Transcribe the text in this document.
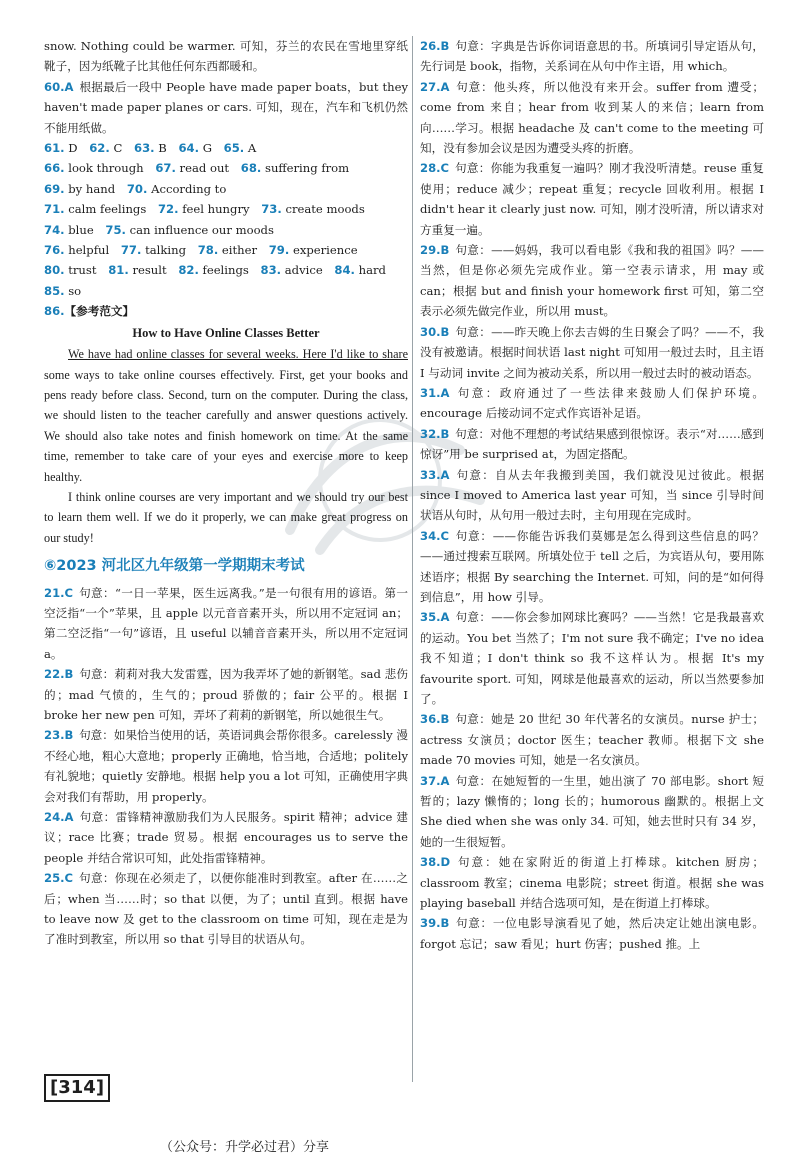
snow. Nothing could be warmer. 可知，芬兰的农民在雪地里穿纸靴子，因为纸靴子比其他任何东西都暖和。

60.A 根据最后一段中 People have made paper boats，but they haven't made paper planes or cars. 可知，现在，汽车和飞机仍然不能用纸做。

61. D 62. C 63. B 64. G 65. A

66. look through 67. read out 68. suffering from

69. by hand 70. According to

71. calm feelings 72. feel hungry 73. create moods

74. blue 75. can influence our moods

76. helpful 77. talking 78. either 79. experience

80. trust 81. result 82. feelings 83. advice 84. hard

85. so

86.【参考范文】

How to Have Online Classes Better

We have had online classes for several weeks. Here I'd like to share some ways to take online courses effectively. First, get your books and pens ready before class. Second, turn on the computer. During the class, we should listen to the teacher carefully and answer questions actively. We should also take notes and finish homework on time. At the same time, remember to take care of your eyes and exercise more to keep healthy.

I think online courses are very important and we should try our best to learn them well. If we do it properly, we can make great progress on our study!

⑥2023 河北区九年级第一学期期末考试

21.C 句意：“一日一苹果，医生远离我。”是一句很有用的谚语。第一空泛指“一个”苹果，且 apple 以元音音素开头，所以用不定冠词 an；第二空泛指“一句”谚语，且 useful 以辅音音素开头，所以用不定冠词 a。

22.B 句意：莉莉对我大发雷霆，因为我弄坏了她的新钢笔。sad 悲伤的；mad 气愤的，生气的；proud 骄傲的；fair 公平的。根据 I broke her new pen 可知，弄坏了莉莉的新钢笔，所以她很生气。

23.B 句意：如果恰当使用的话，英语词典会帮你很多。carelessly 漫不经心地，粗心大意地；properly 正确地，恰当地，合适地；politely 有礼貌地；quietly 安静地。根据 help you a lot 可知，正确使用字典会对我们有帮助，用 properly。

24.A 句意：雷锋精神激励我们为人民服务。spirit 精神；advice 建议；race 比赛；trade 贸易。根据 encourages us to serve the people 并结合常识可知，此处指雷锋精神。

25.C 句意：你现在必须走了，以便你能准时到教室。after 在……之后；when 当……时；so that 以便，为了；until 直到。根据 have to leave now 及 get to the classroom on time 可知，现在走是为了准时到教室，所以用 so that 引导目的状语从句。

26.B 句意：字典是告诉你词语意思的书。所填词引导定语从句，先行词是 book，指物，关系词在从句中作主语，用 which。

27.A 句意：他头疼，所以他没有来开会。suffer from 遭受；come from 来自；hear from 收到某人的来信；learn from 向……学习。根据 headache 及 can't come to the meeting 可知，没有参加会议是因为遭受头疼的折磨。

28.C 句意：你能为我重复一遍吗？刚才我没听清楚。reuse 重复使用；reduce 减少；repeat 重复；recycle 回收利用。根据 I didn't hear it clearly just now. 可知，刚才没听清，所以请求对方重复一遍。

29.B 句意：——妈妈，我可以看电影《我和我的祖国》吗？——当然，但是你必须先完成作业。第一空表示请求，用 may 或 can；根据 but and finish your homework first 可知，第二空表示必须先做完作业，所以用 must。

30.B 句意：——昨天晚上你去吉姆的生日聚会了吗？——不，我没有被邀请。根据时间状语 last night 可知用一般过去时，且主语 I 与动词 invite 之间为被动关系，所以用一般过去时的被动语态。

31.A 句意：政府通过了一些法律来鼓励人们保护环境。encourage 后接动词不定式作宾语补足语。

32.B 句意：对他不理想的考试结果感到很惊讶。表示“对……感到惊讶”用 be surprised at，为固定搭配。

33.A 句意：自从去年我搬到美国，我们就没见过彼此。根据 since I moved to America last year 可知，当 since 引导时间状语从句时，从句用一般过去时，主句用现在完成时。

34.C 句意：——你能告诉我们莫娜是怎么得到这些信息的吗？——通过搜索互联网。所填处位于 tell 之后，为宾语从句，要用陈述语序；根据 By searching the Internet. 可知，问的是“如何得到信息”，用 how 引导。

35.A 句意：——你会参加网球比赛吗？——当然！它是我最喜欢的运动。You bet 当然了；I'm not sure 我不确定；I've no idea 我不知道；I don't think so 我不这样认为。根据 It's my favourite sport. 可知，网球是他最喜欢的运动，所以当然要参加了。

36.B 句意：她是 20 世纪 30 年代著名的女演员。nurse 护士；actress 女演员；doctor 医生；teacher 教师。根据下文 she made 70 movies 可知，她是一名女演员。

37.A 句意：在她短暂的一生里，她出演了 70 部电影。short 短暂的；lazy 懒惰的；long 长的；humorous 幽默的。根据上文 She died when she was only 34. 可知，她去世时只有 34 岁，她的一生很短暂。

38.D 句意：她在家附近的街道上打棒球。kitchen 厨房；classroom 教室；cinema 电影院；street 街道。根据 she was playing baseball 并结合选项可知，是在街道上打棒球。

39.B 句意：一位电影导演看见了她，然后决定让她出演电影。forgot 忘记；saw 看见；hurt 伤害；pushed 推。上

[314]
（公众号：升学必过君）分享
